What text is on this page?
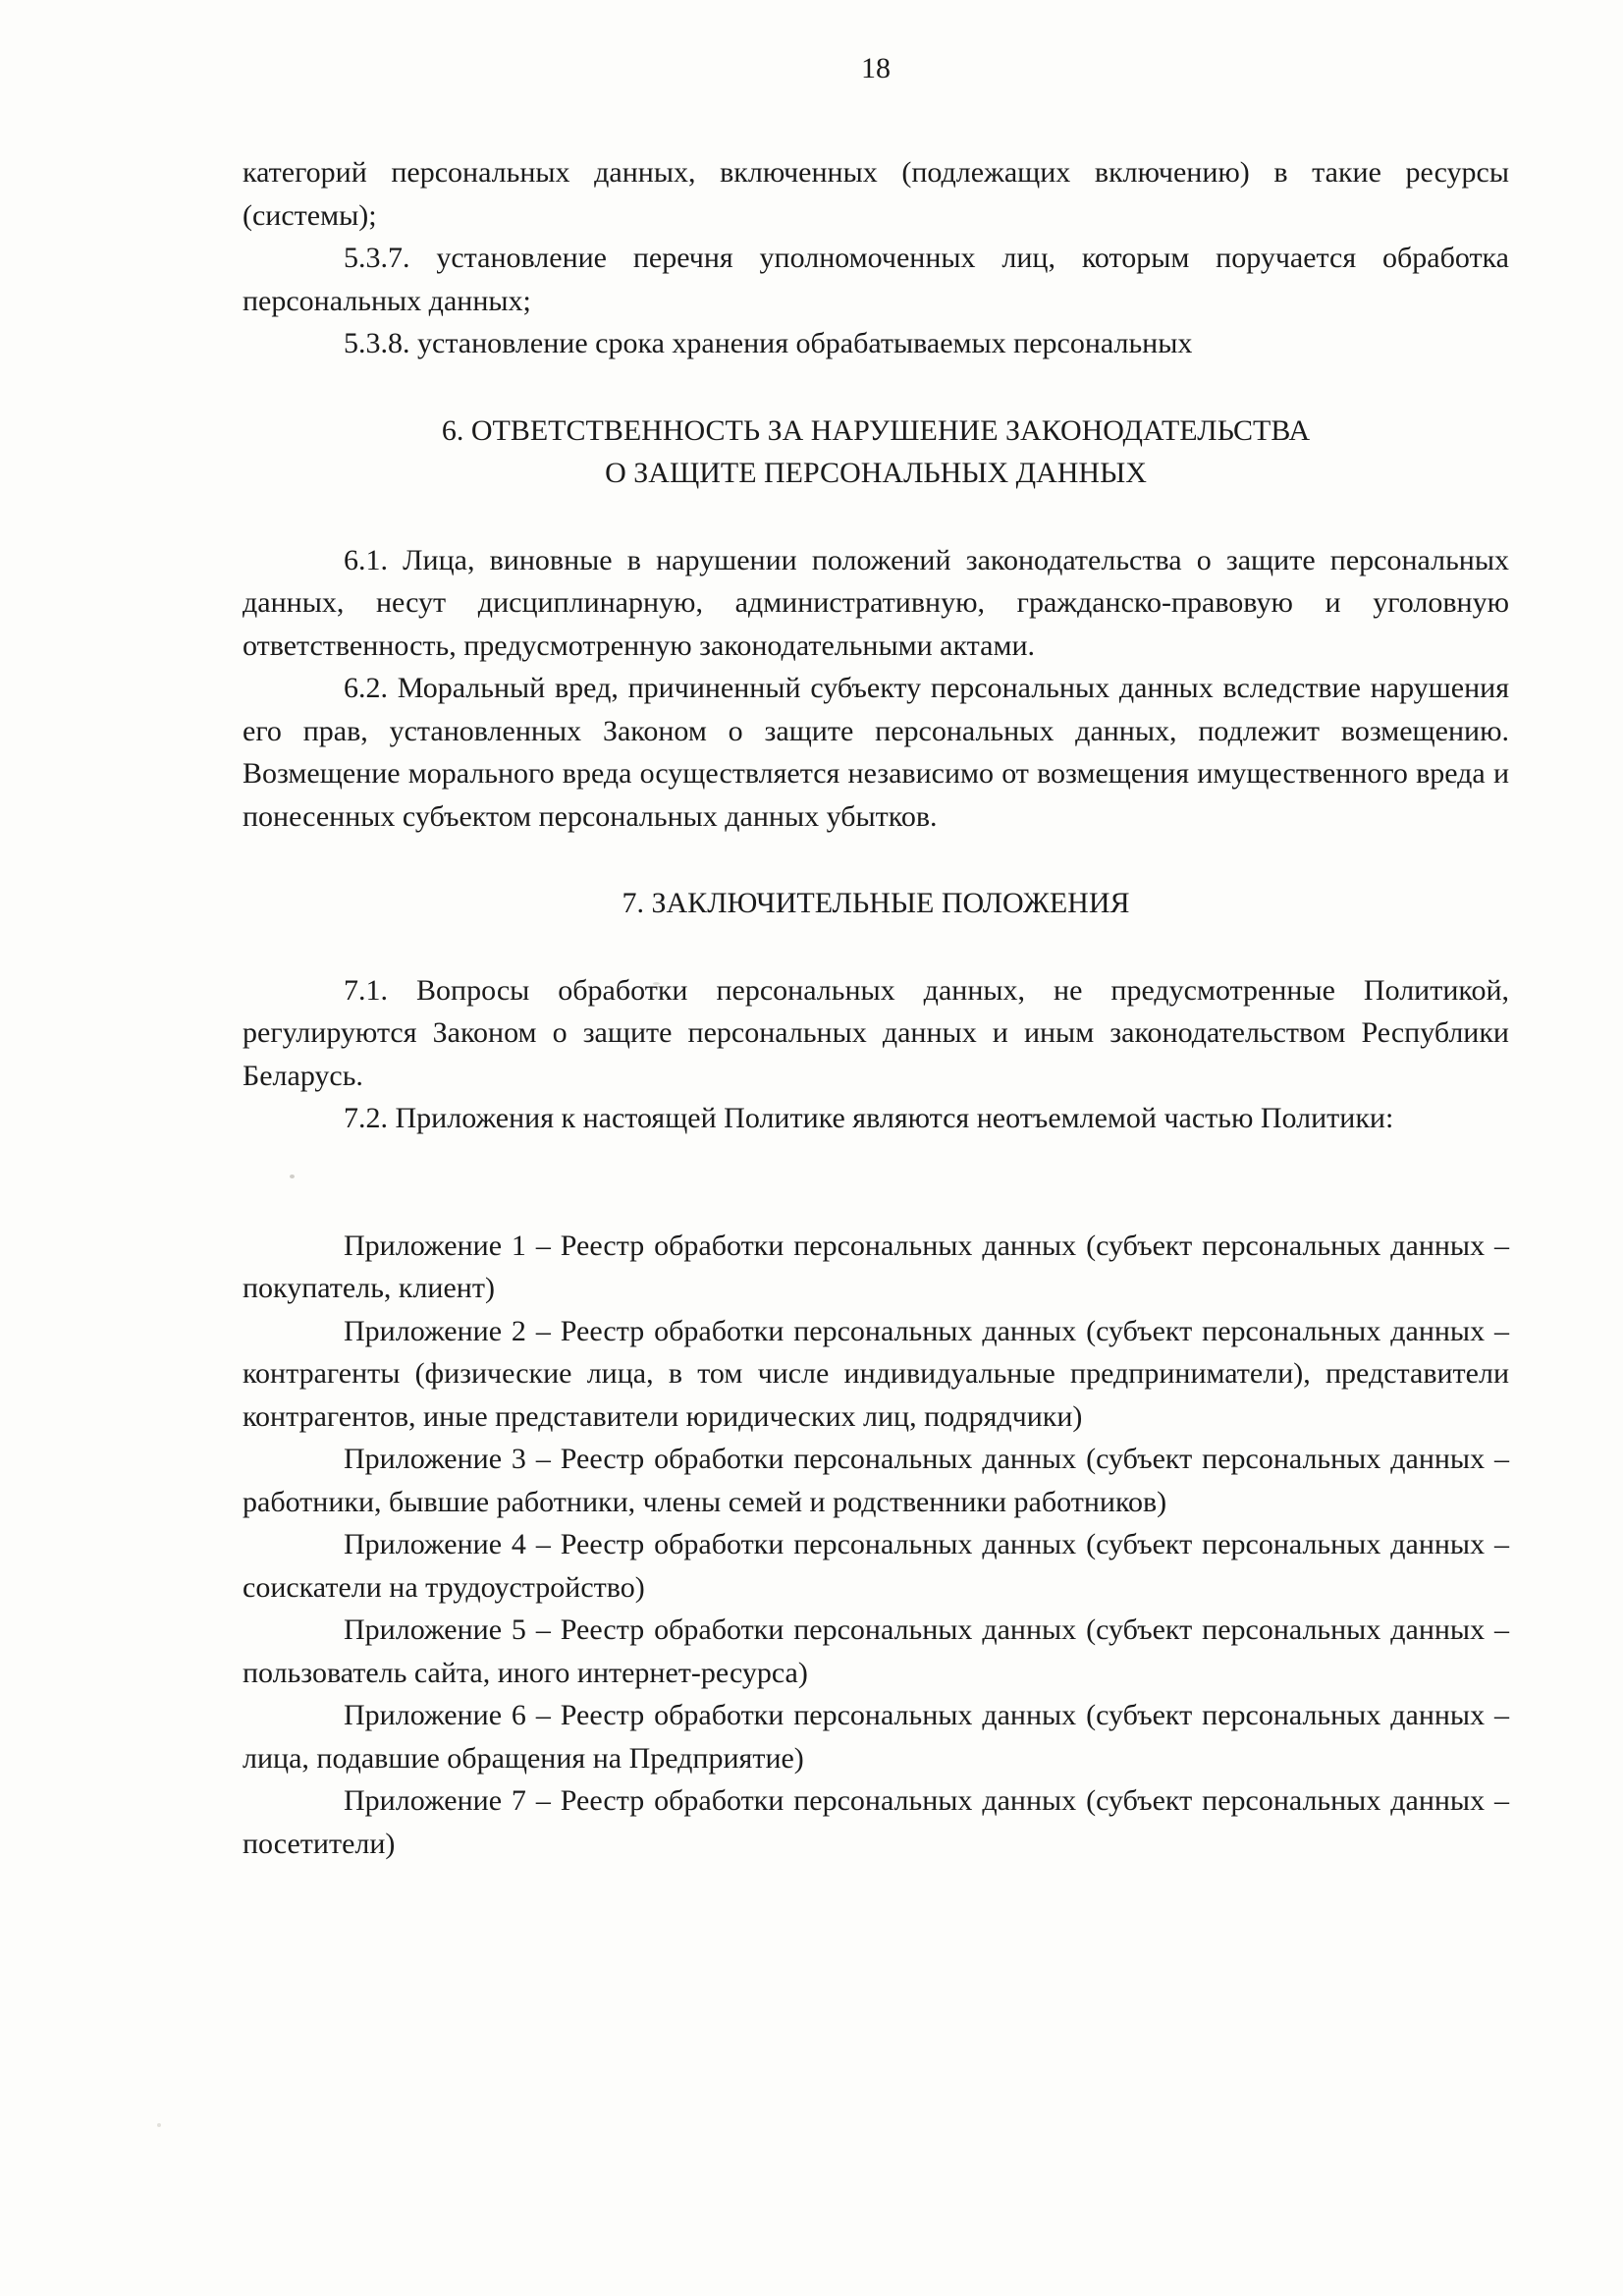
18

категорий персональных данных, включенных (подлежащих включению) в такие ресурсы (системы);

5.3.7. установление перечня уполномоченных лиц, которым поручается обработка персональных данных;

5.3.8. установление срока хранения обрабатываемых персональных

6. ОТВЕТСТВЕННОСТЬ ЗА НАРУШЕНИЕ ЗАКОНОДАТЕЛЬСТВА
О ЗАЩИТЕ ПЕРСОНАЛЬНЫХ ДАННЫХ

6.1. Лица, виновные в нарушении положений законодательства о защите персональных данных, несут дисциплинарную, административную, гражданско-правовую и уголовную ответственность, предусмотренную законодательными актами.

6.2. Моральный вред, причиненный субъекту персональных данных вследствие нарушения его прав, установленных Законом о защите персональных данных, подлежит возмещению. Возмещение морального вреда осуществляется независимо от возмещения имущественного вреда и понесенных субъектом персональных данных убытков.

7. ЗАКЛЮЧИТЕЛЬНЫЕ ПОЛОЖЕНИЯ

7.1. Вопросы обработки персональных данных, не предусмотренные Политикой, регулируются Законом о защите персональных данных и иным законодательством Республики Беларусь.

7.2. Приложения к настоящей Политике являются неотъемлемой частью Политики:

Приложение 1 – Реестр обработки персональных данных (субъект персональных данных – покупатель, клиент)

Приложение 2 – Реестр обработки персональных данных (субъект персональных данных – контрагенты (физические лица, в том числе индивидуальные предприниматели), представители контрагентов, иные представители юридических лиц, подрядчики)

Приложение 3 – Реестр обработки персональных данных (субъект персональных данных – работники, бывшие работники, члены семей и родственники работников)

Приложение 4 – Реестр обработки персональных данных (субъект персональных данных – соискатели на трудоустройство)

Приложение 5 – Реестр обработки персональных данных (субъект персональных данных – пользователь сайта, иного интернет-ресурса)

Приложение 6 – Реестр обработки персональных данных (субъект персональных данных – лица, подавшие обращения на Предприятие)

Приложение 7 – Реестр обработки персональных данных (субъект персональных данных – посетители)
